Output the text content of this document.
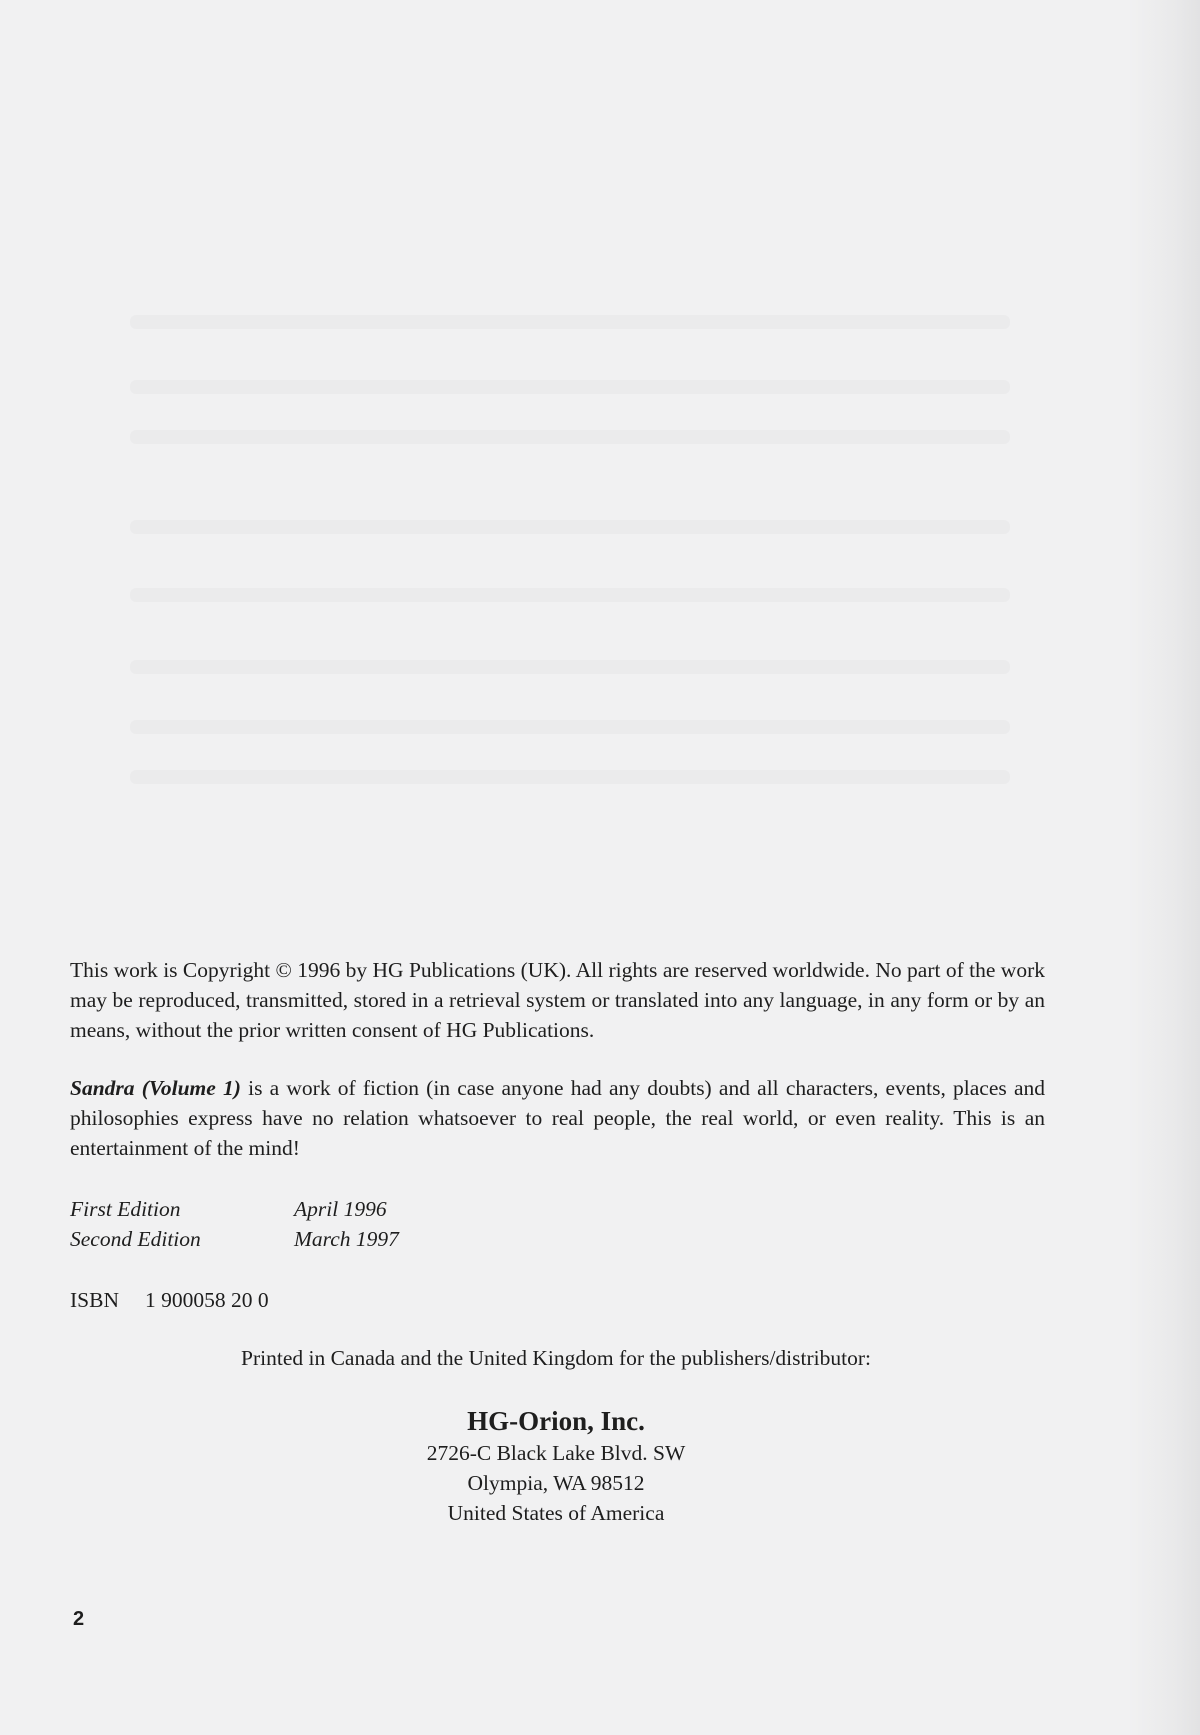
This work is Copyright © 1996 by HG Publications (UK). All rights are reserved worldwide. No part of the work may be reproduced, transmitted, stored in a retrieval system or translated into any language, in any form or by an means, without the prior written consent of HG Publications.

Sandra (Volume 1) is a work of fiction (in case anyone had any doubts) and all characters, events, places and philosophies express have no relation whatsoever to real people, the real world, or even reality. This is an entertainment of the mind!

First Edition	April 1996
Second Edition	March 1997
ISBN	1 900058 20 0
Printed in Canada and the United Kingdom for the publishers/distributor:
HG-Orion, Inc.
2726-C Black Lake Blvd. SW
Olympia, WA 98512
United States of America
2
